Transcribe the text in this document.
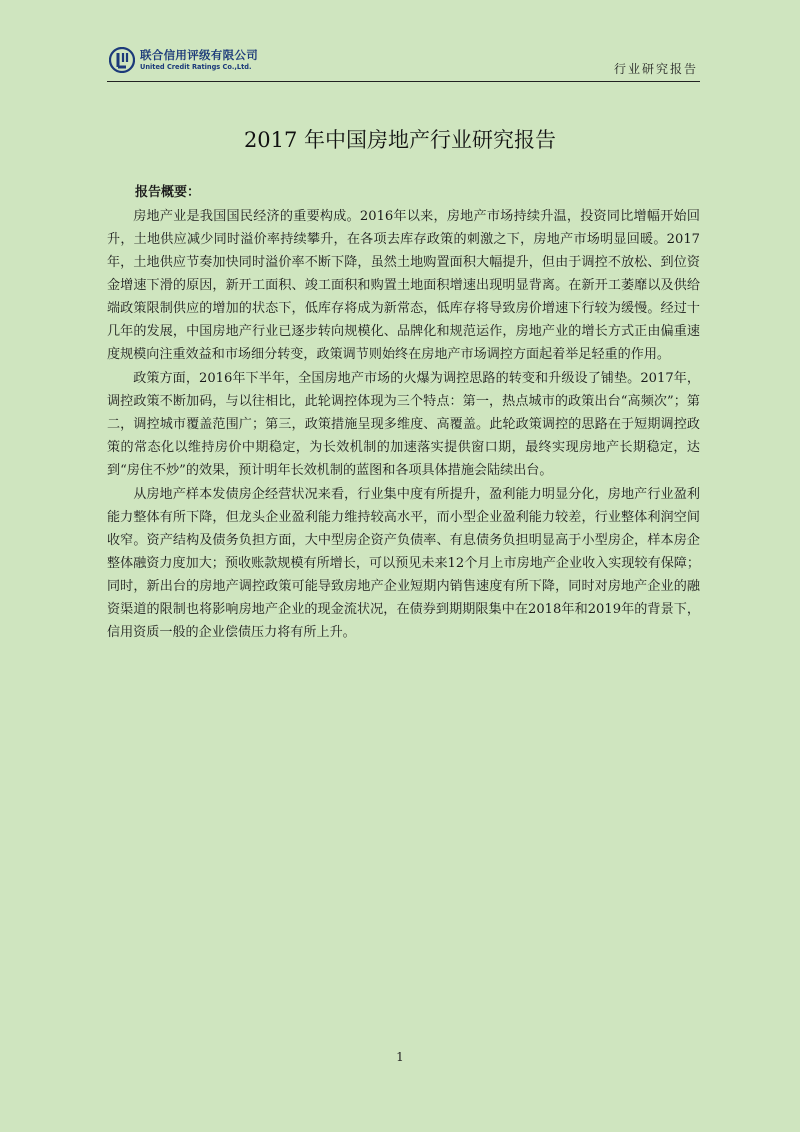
联合信用评级有限公司
United Credit Ratings Co.,Ltd.	行业研究报告
2017 年中国房地产行业研究报告
报告概要：

房地产业是我国国民经济的重要构成。2016年以来，房地产市场持续升温，投资同比增幅开始回升，土地供应减少同时溢价率持续攀升，在各项去库存政策的刺激之下，房地产市场明显回暖。2017年，土地供应节奏加快同时溢价率不断下降，虽然土地购置面积大幅提升，但由于调控不放松、到位资金增速下滑的原因，新开工面积、竣工面积和购置土地面积增速出现明显背离。在新开工萎靡以及供给端政策限制供应的增加的状态下，低库存将成为新常态，低库存将导致房价增速下行较为缓慢。经过十几年的发展，中国房地产行业已逐步转向规模化、品牌化和规范运作，房地产业的增长方式正由偏重速度规模向注重效益和市场细分转变，政策调节则始终在房地产市场调控方面起着举足轻重的作用。

政策方面，2016年下半年，全国房地产市场的火爆为调控思路的转变和升级设了铺垫。2017年，调控政策不断加码，与以往相比，此轮调控体现为三个特点：第一，热点城市的政策出台“高频次”；第二，调控城市覆盖范围广；第三，政策措施呈现多维度、高覆盖。此轮政策调控的思路在于短期调控政策的常态化以维持房价中期稳定，为长效机制的加速落实提供窗口期，最终实现房地产长期稳定，达到“房住不炒”的效果，预计明年长效机制的蓝图和各项具体措施会陆续出台。

从房地产样本发债房企经营状况来看，行业集中度有所提升，盈利能力明显分化，房地产行业盈利能力整体有所下降，但龙头企业盈利能力维持较高水平，而小型企业盈利能力较差，行业整体利润空间收窄。资产结构及债务负担方面，大中型房企资产负债率、有息债务负担明显高于小型房企，样本房企整体融资力度加大；预收账款规模有所增长，可以预见未来12个月上市房地产企业收入实现较有保障；同时，新出台的房地产调控政策可能导致房地产企业短期内销售速度有所下降，同时对房地产企业的融资渠道的限制也将影响房地产企业的现金流状况，在债券到期期限集中在2018年和2019年的背景下，信用资质一般的企业偿债压力将有所上升。

1
